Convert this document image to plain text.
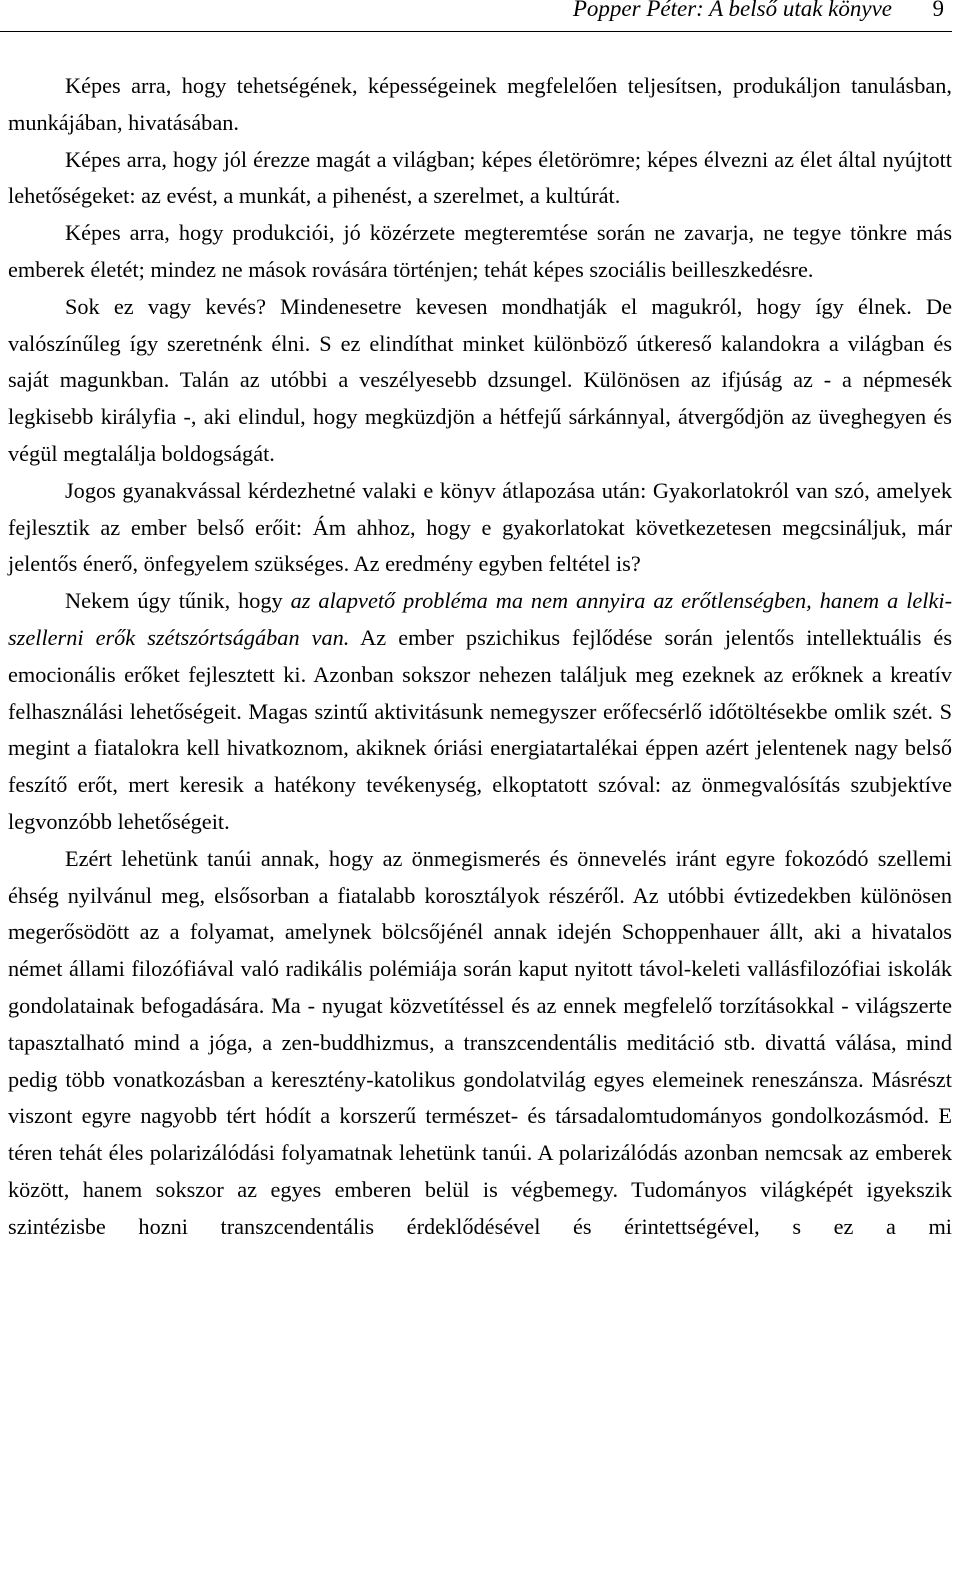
Popper Péter: A belső utak könyve 9

Képes arra, hogy tehetségének, képességeinek megfelelően teljesítsen, produkáljon tanulásban, munkájában, hivatásában.

Képes arra, hogy jól érezze magát a világban; képes életörömre; képes élvezni az élet által nyújtott lehetőségeket: az evést, a munkát, a pihenést, a szerelmet, a kultúrát.

Képes arra, hogy produkciói, jó közérzete megteremtése során ne zavarja, ne tegye tönkre más emberek életét; mindez ne mások rovására történjen; tehát képes szociális beilleszkedésre.

Sok ez vagy kevés? Mindenesetre kevesen mondhatják el magukról, hogy így élnek. De valószínűleg így szeretnénk élni. S ez elindíthat minket különböző útkereső kalandokra a világban és saját magunkban. Talán az utóbbi a veszélyesebb dzsungel. Különösen az ifjúság az - a népmesék legkisebb királyfia -, aki elindul, hogy megküzdjön a hétfejű sárkánnyal, átvergődjön az üveghegyen és végül megtalálja boldogságát.

Jogos gyanakvással kérdezhetné valaki e könyv átlapozása után: Gyakorlatokról van szó, amelyek fejlesztik az ember belső erőit: Ám ahhoz, hogy e gyakorlatokat következetesen megcsináljuk, már jelentős énerő, önfegyelem szükséges. Az eredmény egyben feltétel is?

Nekem úgy tűnik, hogy az alapvető probléma ma nem annyira az erőtlenségben, hanem a lelki-szellerni erők szétszórtságában van. Az ember pszichikus fejlődése során jelentős intellektuális és emocionális erőket fejlesztett ki. Azonban sokszor nehezen találjuk meg ezeknek az erőknek a kreatív felhasználási lehetőségeit. Magas szintű aktivitásunk nemegyszer erőfecsérlő időtöltésekbe omlik szét. S megint a fiatalokra kell hivatkoznom, akiknek óriási energiatartalékai éppen azért jelentenek nagy belső feszítő erőt, mert keresik a hatékony tevékenység, elkoptatott szóval: az önmegvalósítás szubjektíve legvonzóbb lehetőségeit.

Ezért lehetünk tanúi annak, hogy az önmegismerés és önnevelés iránt egyre fokozódó szellemi éhség nyilvánul meg, elsősorban a fiatalabb korosztályok részéről. Az utóbbi évtizedekben különösen megerősödött az a folyamat, amelynek bölcsőjénél annak idején Schoppenhauer állt, aki a hivatalos német állami filozófiával való radikális polémiája során kaput nyitott távol-keleti vallásfilozófiai iskolák gondolatainak befogadására. Ma - nyugat közvetítéssel és az ennek megfelelő torzításokkal - világszerte tapasztalható mind a jóga, a zen-buddhizmus, a transzcendentális meditáció stb. divattá válása, mind pedig több vonatkozásban a keresztény-katolikus gondolatvilág egyes elemeinek reneszánsza. Másrészt viszont egyre nagyobb tért hódít a korszerű természet- és társadalomtudományos gondolkozásmód. E téren tehát éles polarizálódási folyamatnak lehetünk tanúi. A polarizálódás azonban nemcsak az emberek között, hanem sokszor az egyes emberen belül is végbemegy. Tudományos világképét igyekszik szintézisbe hozni transzcendentális érdeklődésével és érintettségével, s ez a mi
